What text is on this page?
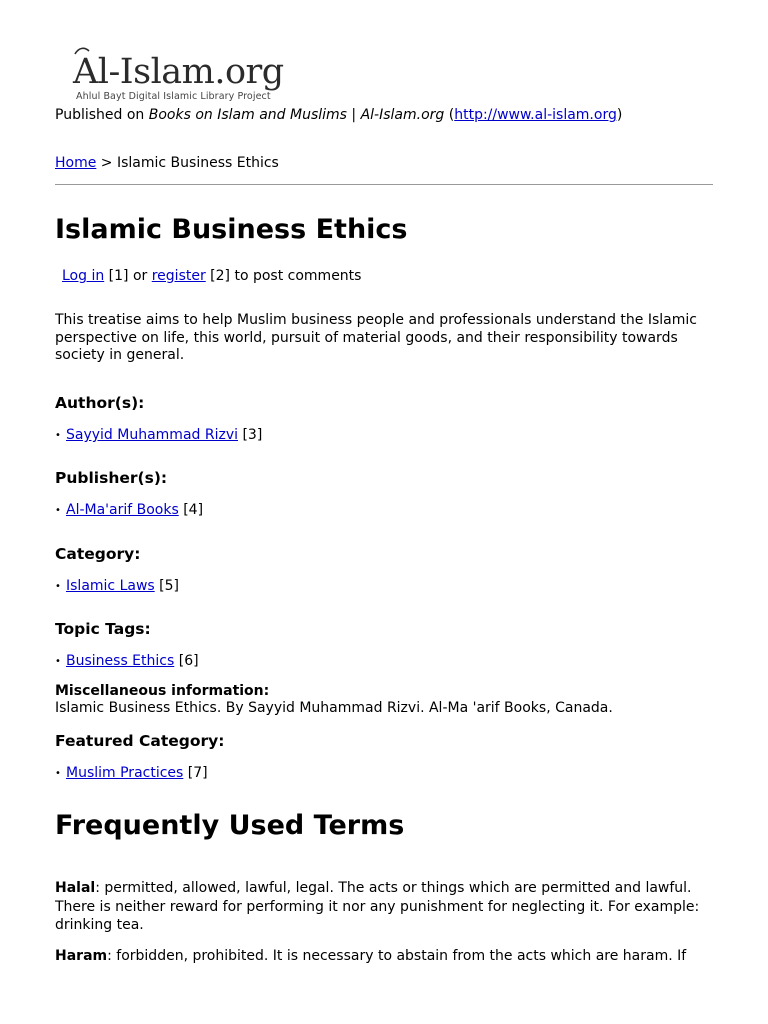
Al-Islam.org
Ahlul Bayt Digital Islamic Library Project
Published on Books on Islam and Muslims | Al-Islam.org (http://www.al-islam.org)
Home > Islamic Business Ethics
Islamic Business Ethics
Log in [1] or register [2] to post comments

This treatise aims to help Muslim business people and professionals understand the Islamic perspective on life, this world, pursuit of material goods, and their responsibility towards society in general.

Author(s):
• Sayyid Muhammad Rizvi [3]
Publisher(s):
• Al-Ma'arif Books [4]
Category:
• Islamic Laws [5]
Topic Tags:
• Business Ethics [6]
Miscellaneous information:
Islamic Business Ethics. By Sayyid Muhammad Rizvi. Al-Ma 'arif Books, Canada.
Featured Category:
• Muslim Practices [7]
Frequently Used Terms

Halal: permitted, allowed, lawful, legal. The acts or things which are permitted and lawful. There is neither reward for performing it nor any punishment for neglecting it. For example: drinking tea.

Haram: forbidden, prohibited. It is necessary to abstain from the acts which are haram. If
